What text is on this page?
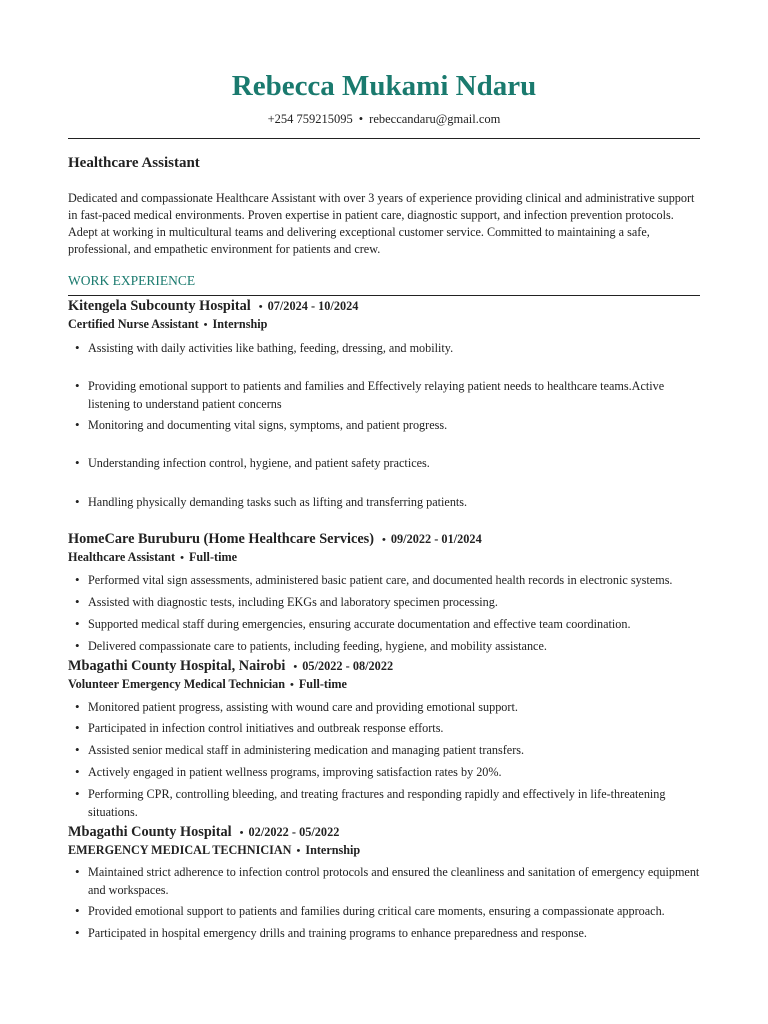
Rebecca Mukami Ndaru
+254 759215095 • rebeccandaru@gmail.com
Healthcare Assistant

Dedicated and compassionate Healthcare Assistant with over 3 years of experience providing clinical and administrative support in fast-paced medical environments. Proven expertise in patient care, diagnostic support, and infection prevention protocols. Adept at working in multicultural teams and delivering exceptional customer service. Committed to maintaining a safe, professional, and empathetic environment for patients and crew.

WORK EXPERIENCE

Kitengela Subcounty Hospital • 07/2024 - 10/2024

Certified Nurse Assistant • Internship

• Assisting with daily activities like bathing, feeding, dressing, and mobility.
• Providing emotional support to patients and families and Effectively relaying patient needs to healthcare teams.Active listening to understand patient concerns
• Monitoring and documenting vital signs, symptoms, and patient progress.
• Understanding infection control, hygiene, and patient safety practices.
• Handling physically demanding tasks such as lifting and transferring patients.

HomeCare Buruburu (Home Healthcare Services) • 09/2022 - 01/2024

Healthcare Assistant • Full-time

• Performed vital sign assessments, administered basic patient care, and documented health records in electronic systems.
• Assisted with diagnostic tests, including EKGs and laboratory specimen processing.
• Supported medical staff during emergencies, ensuring accurate documentation and effective team coordination.
• Delivered compassionate care to patients, including feeding, hygiene, and mobility assistance.

Mbagathi County Hospital, Nairobi • 05/2022 - 08/2022

Volunteer Emergency Medical Technician • Full-time

• Monitored patient progress, assisting with wound care and providing emotional support.
• Participated in infection control initiatives and outbreak response efforts.
• Assisted senior medical staff in administering medication and managing patient transfers.
• Actively engaged in patient wellness programs, improving satisfaction rates by 20%.
• Performing CPR, controlling bleeding, and treating fractures and responding rapidly and effectively in life-threatening situations.

Mbagathi County Hospital • 02/2022 - 05/2022

EMERGENCY MEDICAL TECHNICIAN • Internship

• Maintained strict adherence to infection control protocols and ensured the cleanliness and sanitation of emergency equipment and workspaces.
• Provided emotional support to patients and families during critical care moments, ensuring a compassionate approach.
• Participated in hospital emergency drills and training programs to enhance preparedness and response.
